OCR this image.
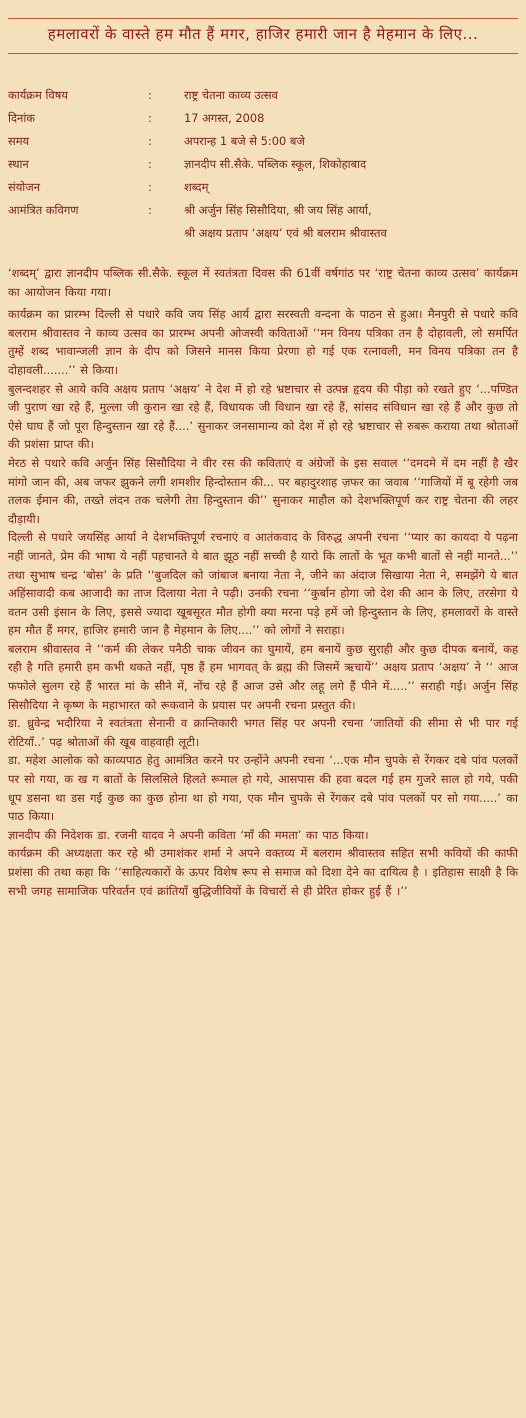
हमलावरों के वास्ते हम मौत हैं मगर, हाजिर हमारी जान है मेहमान के लिए...
कार्यक्रम विषय	:	राष्ट्र चेतना काव्य उत्सव
दिनांक	:	17 अगस्त, 2008
समय	:	अपरान्ह 1 बजे से 5:00 बजे
स्थान	:	ज्ञानदीप सी.सैके. पब्लिक स्कूल, शिकोहाबाद
संयोजन	:	शब्दम्
आमंत्रित कविगण	:	श्री अर्जुन सिंह सिसौदिया, श्री जय सिंह आर्या,
श्री अक्षय प्रताप ‘अक्षय’ एवं श्री बलराम श्रीवास्तव

‘शब्दम्’ द्वारा ज्ञानदीप पब्लिक सी.सैके. स्कूल में स्वतंत्रता दिवस की 61वीं वर्षगांठ पर ‘राष्ट्र चेतना काव्य उत्सव’ कार्यक्रम का आयोजन किया गया।

कार्यक्रम का प्रारम्भ दिल्ली से पधारे कवि जय सिंह आर्य द्वारा सरस्वती वन्दना के पाठन से हुआ। मैनपुरी से पधारे कवि बलराम श्रीवास्तव ने काव्य उत्सव का प्रारम्भ अपनी ओजस्वी कविताओं ‘‘मन विनय पत्रिका तन है दोहावली, लो समर्पित तुम्हें शब्द भावान्जली ज्ञान के दीप को जिसने मानस किया प्रेरणा हो गई एक रत्नावली, मन विनय पत्रिका तन है दोहावली.......’’ से किया।

बुलन्दशहर से आये कवि अक्षय प्रताप ‘अक्षय’ ने देश में हो रहे भ्रष्टाचार से उत्पन्न हृदय की पीड़ा को रखते हुए ‘...पण्डित जी पुराण खा रहे हैं, मुल्ला जी कुरान खा रहे हैं, विधायक जी विधान खा रहे हैं, सांसद संविधान खा रहे हैं और कुछ तो ऐसे घाघ हैं जो पूरा हिन्दुस्तान खा रहे हैं....’ सुनाकर जनसामान्य को देश में हो रहे भ्रष्टाचार से रुबरू कराया तथा श्रोताओं की प्रशंसा प्राप्त की।

मेरठ से पधारे कवि अर्जुन सिंह सिसौदिया ने वीर रस की कविताएं व अंग्रेजों के इस सवाल ‘‘दमदमे में दम नहीं है खैर मांगो जान की, अब जफर झुकने लगी शमशीर हिन्दोस्तान की... पर बहादुरशाह ज़फर का जवाब ‘‘गाजियों में बू रहेगी जब तलक ईमान की, तख्ते लंदन तक चलेगी तेग़ हिन्दुस्तान की’’ सुनाकर माहौल को देशभक्तिपूर्ण कर राष्ट्र चेतना की लहर दौड़ायी।

दिल्ली से पधारे जयसिंह आर्या ने देशभक्तिपूर्ण रचनाएं व आतंकवाद के विरुद्ध अपनी रचना ‘‘प्यार का कायदा ये पढ़ना नहीं जानते, प्रेम की भाषा ये नहीं पहचानते ये बात झूठ नहीं सच्ची है यारो कि लातों के भूत कभी बातों से नहीं मानते...’’ तथा सुभाष चन्द्र ‘बोस’ के प्रति ‘‘बुजदिल को जांबाज बनाया नेता ने, जीने का अंदाज सिखाया नेता ने, समझेंगे ये बात अहिंसावादी कब आजादी का ताज दिलाया नेता ने पढ़ी। उनकी रचना ‘‘कुर्बान होगा जो देश की आन के लिए, तरसेगा ये वतन उसी इंसान के लिए, इससे ज्यादा खूबसूरत मौत होगी क्या मरना पड़े हमें जो हिन्दुस्तान के लिए, हमलावरों के वास्ते हम मौत हैं मगर, हाजिर हमारी जान है मेहमान के लिए....’’ को लोगों ने सराहा।

बलराम श्रीवास्तव ने ‘‘कर्म की लेकर पनैठी चाक जीवन का घुमायें, हम बनायें कुछ सुराही और कुछ दीपक बनायें, कह रही है गति हमारी हम कभी थकते नहीं, पृष्ठ हैं हम भागवत् के ब्रह्म की जिसमें ऋचायें’’ अक्षय प्रताप ‘अक्षय’ ने ‘‘ आज फफोले सुलग रहे हैं भारत मां के सीने में, नोंच रहे हैं आज उसे और लहू लगे हैं पीने में.....’’ सराही गई। अर्जुन सिंह सिसौदिया ने कृष्ण के महाभारत को रूकवाने के प्रयास पर अपनी रचना प्रस्तुत की।

डा. ध्रुवेन्द्र भदौरिया ने स्वतंत्रता सेनानी व क्रान्तिकारी भगत सिंह पर अपनी रचना ‘जातियों की सीमा से भी पार गई रोटियाँ..’ पढ़ श्रोताओं की खूब वाहवाही लूटी।

डा. महेश आलोक को काव्यपाठ हेतु आमंत्रित करने पर उन्होंने अपनी रचना ‘...एक मौन चुपके से रेंगकर दबे पांव पलकों पर सो गया, क ख ग बातों के सिलसिले हिलते रूमाल हो गये, आसपास की हवा बदल गई हम गुजरे साल हो गये, पकी धूप डसना था डस गई कुछ का कुछ होना था हो गया, एक मौन चुपके से रेंगकर दबे पांव पलकों पर सो गया.....’ का पाठ किया।

ज्ञानदीप की निदेशक डा. रजनी यादव ने अपनी कविता ‘माँ की ममता’ का पाठ किया।

कार्यक्रम की अध्यक्षता कर रहे श्री उमाशंकर शर्मा ने अपने वक्तव्य में बलराम श्रीवास्तव सहित सभी कवियों की काफी प्रशंसा की तथा कहा कि ‘‘साहित्यकारों के ऊपर विशेष रूप से समाज को दिशा देने का दायित्व है । इतिहास साक्षी है कि सभी जगह सामाजिक परिवर्तन एवं क्रांतियाँ बुद्धिजीवियों के विचारों से ही प्रेरित होकर हुई हैं ।’’
